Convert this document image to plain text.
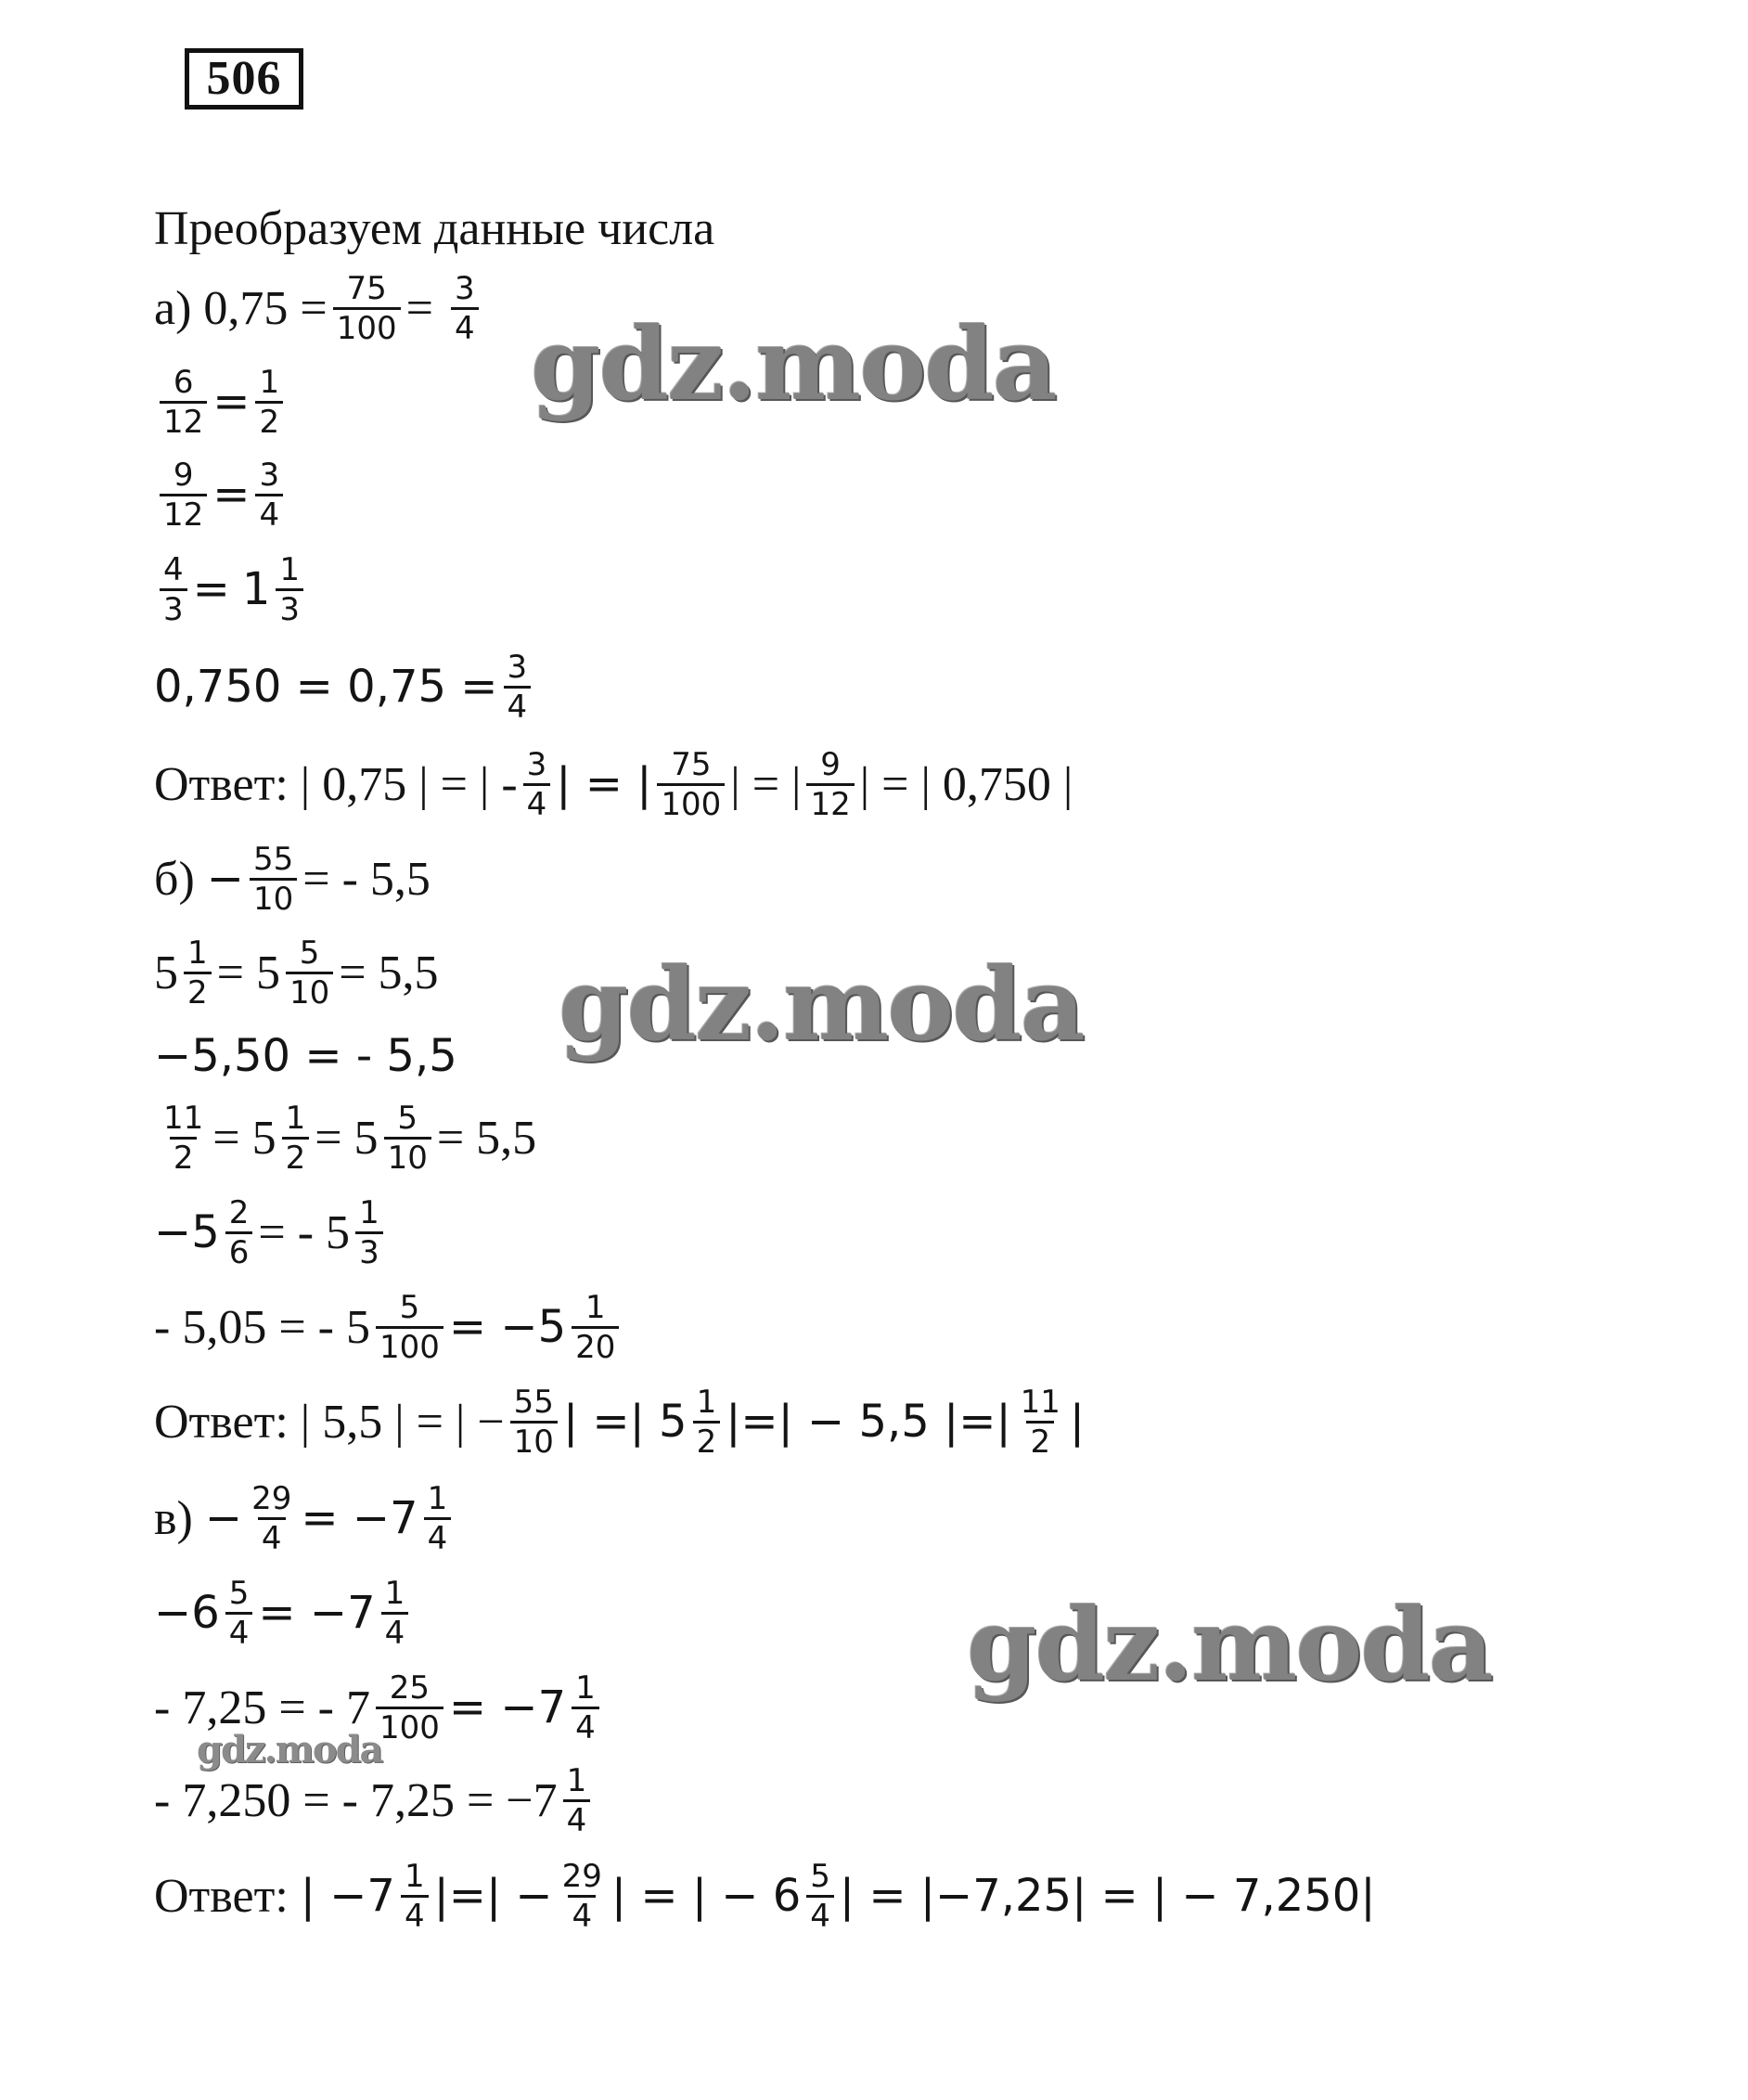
506
Преобразуем данные числа
а)
$0,75 = \frac{75}{100}$ =
$\frac{3}{4}$
$\frac{6}{12} = \frac{1}{2}$
$\frac{9}{12} = \frac{3}{4}$
$\frac{4}{3}$ =
$1 \frac{1}{3}$
$0,750 = 0,75 = \frac{3}{4}$
Ответ:
| 0,75 | = | - $\frac{3}{4}$ | = | $\frac{75}{100}$ | = | $\frac{9}{12}$ | = | 0,750 |
б)
− $\frac{55}{10}$ = - 5,5
$5 \frac{1}{2} = 5 \frac{5}{10} = 5,5$
−5,50 = - 5,5
$\frac{11}{2} = 5 \frac{1}{2} = 5 \frac{5}{10} = 5,5$
$-5 \frac{2}{6}$ = - $5 \frac{1}{3}$
- 5,05 = - $5 \frac{5}{100} = -5 \frac{1}{20}$
Ответ:
| 5,5 | = | − $\frac{55}{10}$ | =| $5 \frac{1}{2}$ |=| − 5,5 |=| $\frac{11}{2}$ |
в)
− $\frac{29}{4} = -7 \frac{1}{4}$
$-6 \frac{5}{4} = -7 \frac{1}{4}$
- 7,25 = - $7 \frac{25}{100} = -7 \frac{1}{4}$
- 7,250 = - $7,25 = -7 \frac{1}{4}$
Ответ:
| $-7 \frac{1}{4}$ |=| − $\frac{29}{4}$ | = | − $6 \frac{5}{4}$ | = |−7,25| = | − 7,250|
gdz.moda
gdz.moda
gdz.moda
gdz.moda
